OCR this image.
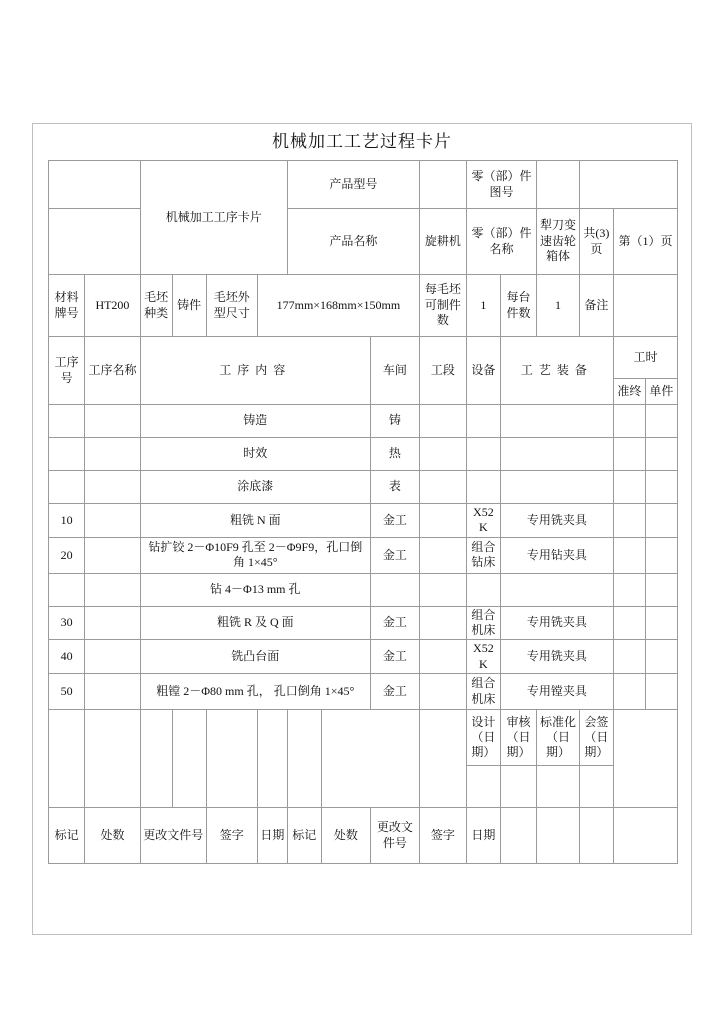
机械加工工艺过程卡片
		机械加工工序卡片				产品型号				零（部）件图号					

						产品名称			旋耕机	零（部）件名称		犁刀变速齿轮箱体	共(3)页	第（1）页	

材料牌号	HT200	毛坯种类	铸件	毛坯外型尺寸	177mm×168mm×150mm				每毛坯可制件数	1	每台件数	1	备注		
工序号	工序名称	工序内容						车间	工段	设备	工艺装备			工时	
														准终	单件
		铸造						铸							
		时效						热							
		涂底漆						表							
10		粗铣 N 面						金工		X52K	专用铣夹具				
20		钻扩铰 2－Φ10F9 孔至 2－Φ9F9，孔口倒角 1×45°						金工		组合钻床	专用钻夹具				
		钻 4－Φ13 mm 孔													
30		粗铣 R 及 Q 面						金工		组合机床	专用铣夹具				
40		铣凸台面						金工		X52K	专用铣夹具				
50		粗镗 2－Φ80 mm 孔， 孔口倒角 1×45°						金工		组合机床	专用镗夹具				
										设计（日期）	审核（日期）	标准化（日期）	会签（日期）		

标记	处数	更改文件号		签字	日期	标记	处数	更改文件号	签字	日期					
